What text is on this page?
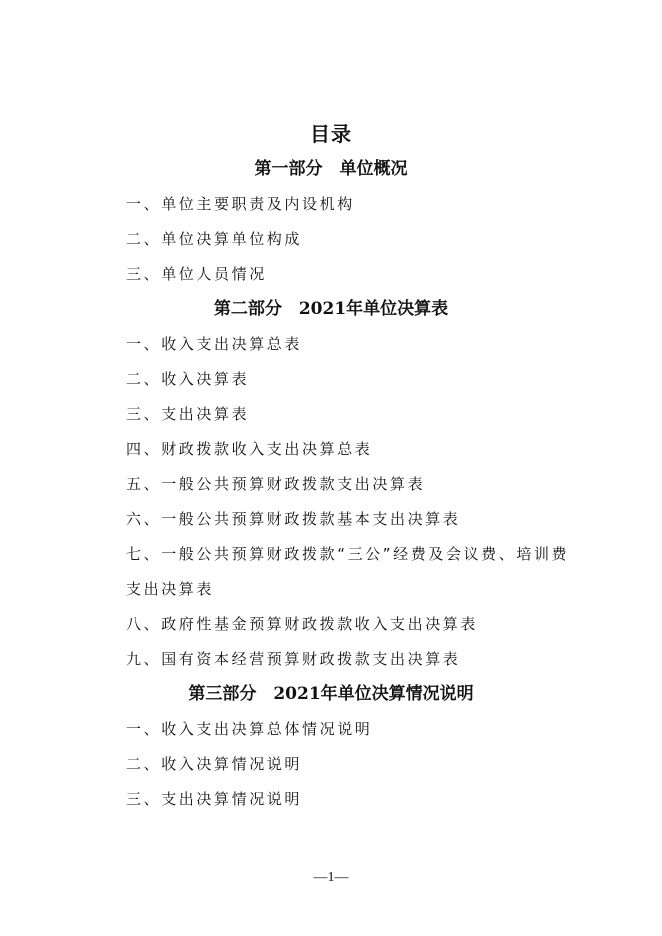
目录
第一部分　单位概况
一、单位主要职责及内设机构
二、单位决算单位构成
三、单位人员情况
第二部分　2021年单位决算表
一、收入支出决算总表
二、收入决算表
三、支出决算表
四、财政拨款收入支出决算总表
五、一般公共预算财政拨款支出决算表
六、一般公共预算财政拨款基本支出决算表
七、一般公共预算财政拨款“三公”经费及会议费、培训费
支出决算表
八、政府性基金预算财政拨款收入支出决算表
九、国有资本经营预算财政拨款支出决算表
第三部分　2021年单位决算情况说明
一、收入支出决算总体情况说明
二、收入决算情况说明
三、支出决算情况说明
—1—
